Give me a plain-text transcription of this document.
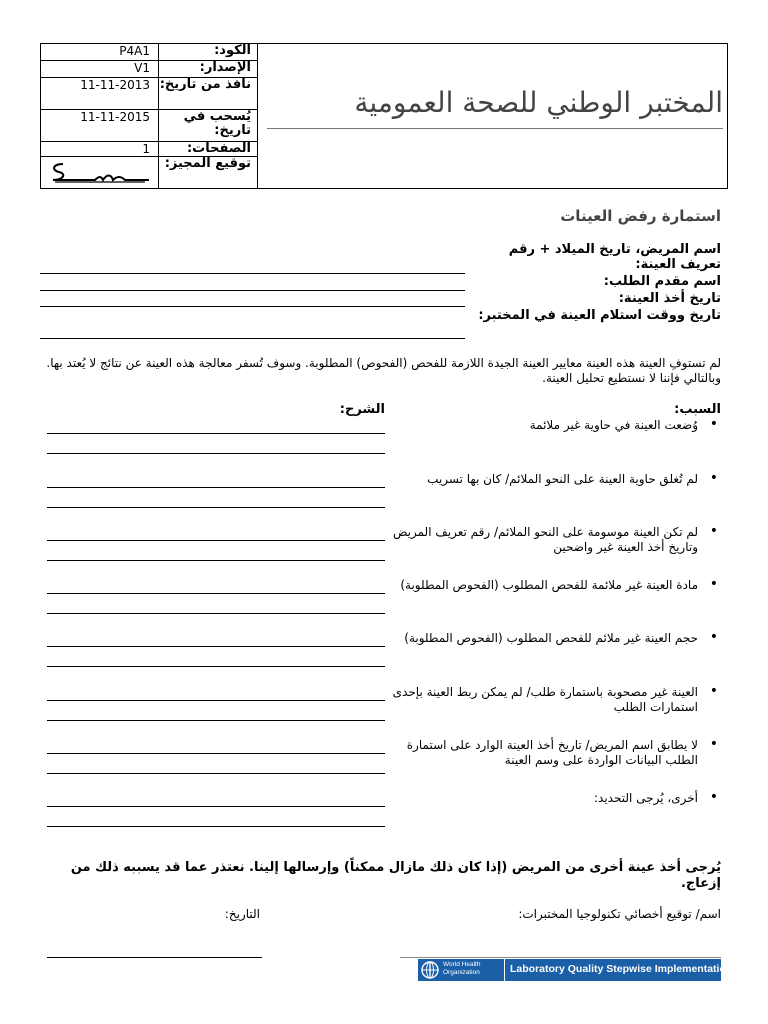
P4A1	الكود:
V1	الإصدار:
11-11-2013 نافذ من تاريخ:
11-11-2015	يُسحب في تاريخ:
1	الصفحات:
توقيع المجيز:
المختبر الوطني للصحة العمومية
استمارة رفض العينات
اسم المريض، تاريخ الميلاد + رقم تعريف العينة:
اسم مقدم الطلب:
تاريخ أخذ العينة:
تاريخ ووقت استلام العينة في المختبر:
لم تستوفِ العينة هذه العينة معايير العينة الجيدة اللازمة للفحص (الفحوص) المطلوبة. وسوف تُسفر معالجة هذه العينة عن نتائج لا يُعتد بها. وبالتالي فإننا لا نستطيع تحليل العينة.
السبب:
الشرح:
• وُضعت العينة في حاوية غير ملائمة
• لم تُغلق حاوية العينة على النحو الملائم/ كان بها تسريب
• لم تكن العينة موسومة على النحو الملائم/ رقم تعريف المريض وتاريخ أخذ العينة غير واضحين
• مادة العينة غير ملائمة للفحص المطلوب (الفحوص المطلوبة)
• حجم العينة غير ملائم للفحص المطلوب (الفحوص المطلوبة)
• العينة غير مصحوبة باستمارة طلب/ لم يمكن ربط العينة بإحدى استمارات الطلب
• لا يطابق اسم المريض/ تاريخ أخذ العينة الوارد على استمارة الطلب البيانات الواردة على وسم العينة
• أخرى، يُرجى التحديد:
يُرجى أخذ عينة أخرى من المريض (إذا كان ذلك مازال ممكناً) وإرسالها إلينا. نعتذر عما قد يسببه ذلك من إزعاج.
اسم/ توقيع أخصائي تكنولوجيا المختبرات:
التاريخ:
World Health Organization	Laboratory Quality Stepwise Implementation tool
